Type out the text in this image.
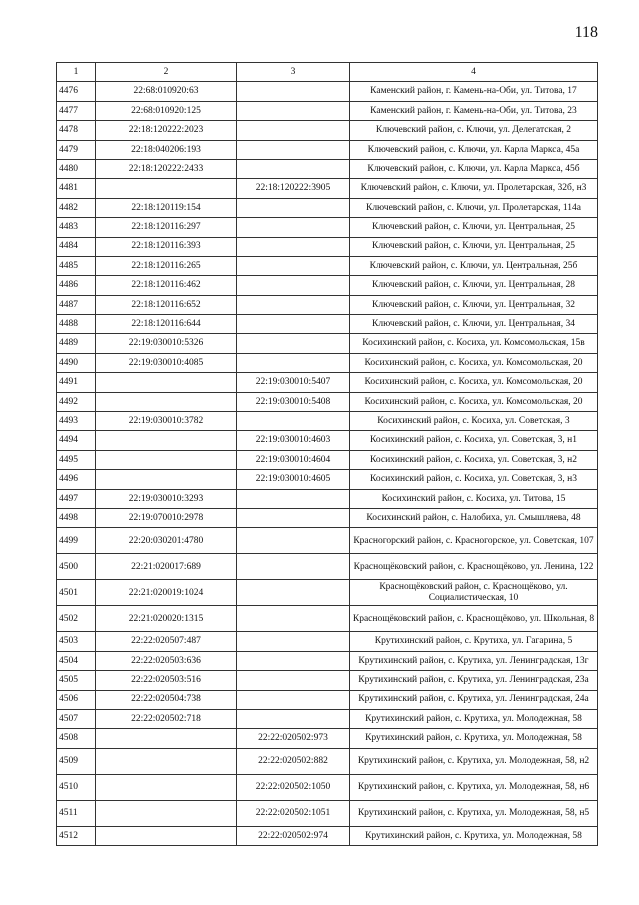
118
1	2	3	4
4476	22:68:010920:63		Каменский район, г. Камень-на-Оби, ул. Титова, 17
4477	22:68:010920:125		Каменский район, г. Камень-на-Оби, ул. Титова, 23
4478	22:18:120222:2023		Ключевский район, с. Ключи, ул. Делегатская, 2
4479	22:18:040206:193		Ключевский район, с. Ключи, ул. Карла Маркса, 45а
4480	22:18:120222:2433		Ключевский район, с. Ключи, ул. Карла Маркса, 45б
4481		22:18:120222:3905	Ключевский район, с. Ключи, ул. Пролетарская, 32б, н3
4482	22:18:120119:154		Ключевский район, с. Ключи, ул. Пролетарская, 114а
4483	22:18:120116:297		Ключевский район, с. Ключи, ул. Центральная, 25
4484	22:18:120116:393		Ключевский район, с. Ключи, ул. Центральная, 25
4485	22:18:120116:265		Ключевский район, с. Ключи, ул. Центральная, 25б
4486	22:18:120116:462		Ключевский район, с. Ключи, ул. Центральная, 28
4487	22:18:120116:652		Ключевский район, с. Ключи, ул. Центральная, 32
4488	22:18:120116:644		Ключевский район, с. Ключи, ул. Центральная, 34
4489	22:19:030010:5326		Косихинский район, с. Косиха, ул. Комсомольская, 15в
4490	22:19:030010:4085		Косихинский район, с. Косиха, ул. Комсомольская, 20
4491		22:19:030010:5407	Косихинский район, с. Косиха, ул. Комсомольская, 20
4492		22:19:030010:5408	Косихинский район, с. Косиха, ул. Комсомольская, 20
4493	22:19:030010:3782		Косихинский район, с. Косиха, ул. Советская, 3
4494		22:19:030010:4603	Косихинский район, с. Косиха, ул. Советская, 3, н1
4495		22:19:030010:4604	Косихинский район, с. Косиха, ул. Советская, 3, н2
4496		22:19:030010:4605	Косихинский район, с. Косиха, ул. Советская, 3, н3
4497	22:19:030010:3293		Косихинский район, с. Косиха, ул. Титова, 15
4498	22:19:070010:2978		Косихинский район, с. Налобиха, ул. Смышляева, 48
4499	22:20:030201:4780		Красногорский район, с. Красногорское, ул. Советская, 107
4500	22:21:020017:689		Краснощёковский район, с. Краснощёково, ул. Ленина, 122
4501	22:21:020019:1024		Краснощёковский район, с. Краснощёково, ул. Социалистическая, 10
4502	22:21:020020:1315		Краснощёковский район, с. Краснощёково, ул. Школьная, 8
4503	22:22:020507:487		Крутихинский район, с. Крутиха, ул. Гагарина, 5
4504	22:22:020503:636		Крутихинский район, с. Крутиха, ул. Ленинградская, 13г
4505	22:22:020503:516		Крутихинский район, с. Крутиха, ул. Ленинградская, 23а
4506	22:22:020504:738		Крутихинский район, с. Крутиха, ул. Ленинградская, 24а
4507	22:22:020502:718		Крутихинский район, с. Крутиха, ул. Молодежная, 58
4508		22:22:020502:973	Крутихинский район, с. Крутиха, ул. Молодежная, 58
4509		22:22:020502:882	Крутихинский район, с. Крутиха, ул. Молодежная, 58, н2
4510		22:22:020502:1050	Крутихинский район, с. Крутиха, ул. Молодежная, 58, н6
4511		22:22:020502:1051	Крутихинский район, с. Крутиха, ул. Молодежная, 58, н5
4512		22:22:020502:974	Крутихинский район, с. Крутиха, ул. Молодежная, 58
